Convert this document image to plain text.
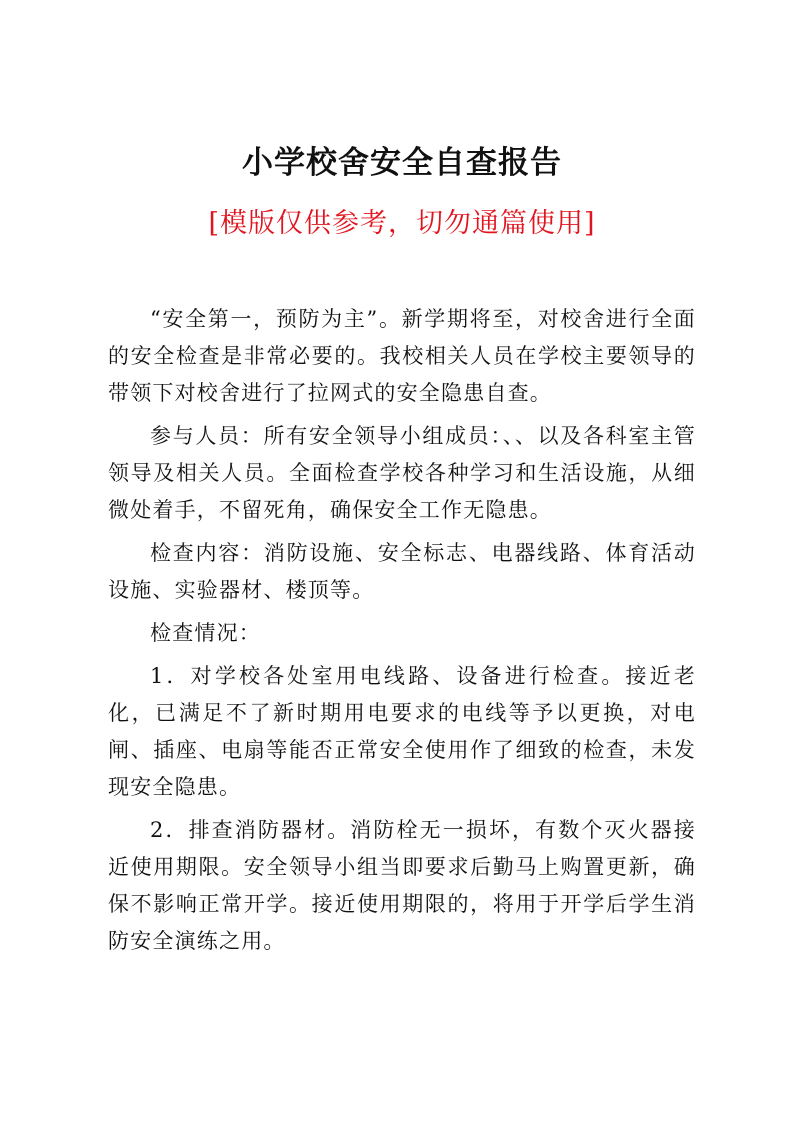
小学校舍安全自查报告
[模版仅供参考，切勿通篇使用]

“安全第一，预防为主”。新学期将至，对校舍进行全面的安全检查是非常必要的。我校相关人员在学校主要领导的带领下对校舍进行了拉网式的安全隐患自查。

参与人员：所有安全领导小组成员：、、以及各科室主管领导及相关人员。全面检查学校各种学习和生活设施，从细微处着手，不留死角，确保安全工作无隐患。

检查内容：消防设施、安全标志、电器线路、体育活动设施、实验器材、楼顶等。

检查情况：

1．对学校各处室用电线路、设备进行检查。接近老化，已满足不了新时期用电要求的电线等予以更换，对电闸、插座、电扇等能否正常安全使用作了细致的检查，未发现安全隐患。

2．排查消防器材。消防栓无一损坏，有数个灭火器接近使用期限。安全领导小组当即要求后勤马上购置更新，确保不影响正常开学。接近使用期限的，将用于开学后学生消防安全演练之用。
